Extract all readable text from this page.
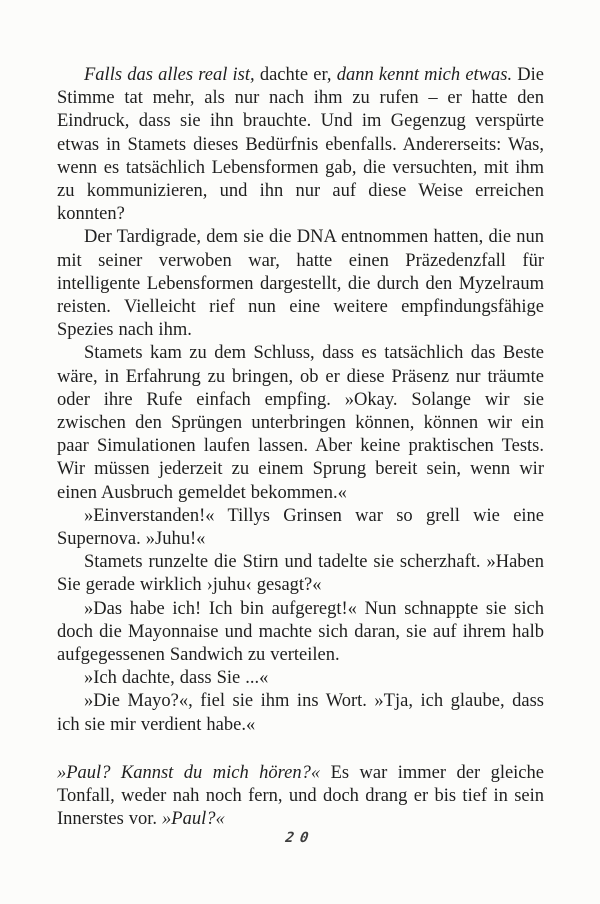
Falls das alles real ist, dachte er, dann kennt mich etwas. Die Stimme tat mehr, als nur nach ihm zu rufen – er hatte den Eindruck, dass sie ihn brauchte. Und im Gegenzug verspürte etwas in Stamets dieses Bedürfnis ebenfalls. Andererseits: Was, wenn es tatsächlich Lebensformen gab, die versuchten, mit ihm zu kommunizieren, und ihn nur auf diese Weise erreichen konnten?

Der Tardigrade, dem sie die DNA entnommen hatten, die nun mit seiner verwoben war, hatte einen Präzedenzfall für intelligente Lebensformen dargestellt, die durch den Myzelraum reisten. Vielleicht rief nun eine weitere empfindungsfähige Spezies nach ihm.

Stamets kam zu dem Schluss, dass es tatsächlich das Beste wäre, in Erfahrung zu bringen, ob er diese Präsenz nur träumte oder ihre Rufe einfach empfing. »Okay. Solange wir sie zwischen den Sprüngen unterbringen können, können wir ein paar Simulationen laufen lassen. Aber keine praktischen Tests. Wir müssen jederzeit zu einem Sprung bereit sein, wenn wir einen Ausbruch gemeldet bekommen.«

»Einverstanden!« Tillys Grinsen war so grell wie eine Supernova. »Juhu!«

Stamets runzelte die Stirn und tadelte sie scherzhaft. »Haben Sie gerade wirklich ›juhu‹ gesagt?«

»Das habe ich! Ich bin aufgeregt!« Nun schnappte sie sich doch die Mayonnaise und machte sich daran, sie auf ihrem halb aufgegessenen Sandwich zu verteilen.

»Ich dachte, dass Sie ...«

»Die Mayo?«, fiel sie ihm ins Wort. »Tja, ich glaube, dass ich sie mir verdient habe.«

»Paul? Kannst du mich hören?« Es war immer der gleiche Tonfall, weder nah noch fern, und doch drang er bis tief in sein Innerstes vor. »Paul?«

20
